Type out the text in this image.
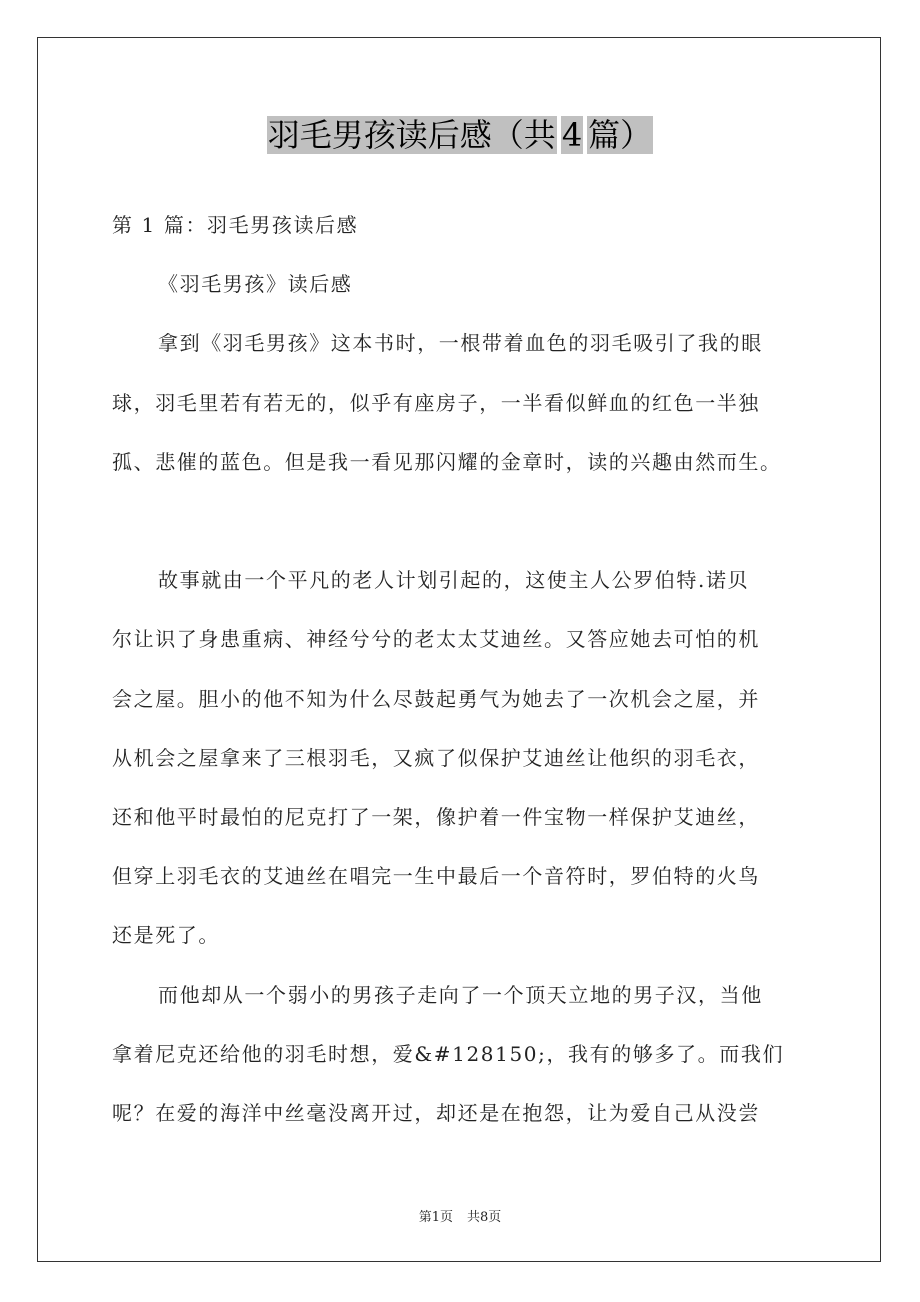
羽毛男孩读后感（共 4 篇）

第 1 篇：羽毛男孩读后感

《羽毛男孩》读后感

拿到《羽毛男孩》这本书时，一根带着血色的羽毛吸引了我的眼

球，羽毛里若有若无的，似乎有座房子，一半看似鲜血的红色一半独

孤、悲催的蓝色。但是我一看见那闪耀的金章时，读的兴趣由然而生。

故事就由一个平凡的老人计划引起的，这使主人公罗伯特.诺贝

尔让识了身患重病、神经兮兮的老太太艾迪丝。又答应她去可怕的机

会之屋。胆小的他不知为什么尽鼓起勇气为她去了一次机会之屋，并

从机会之屋拿来了三根羽毛，又疯了似保护艾迪丝让他织的羽毛衣，

还和他平时最怕的尼克打了一架，像护着一件宝物一样保护艾迪丝，

但穿上羽毛衣的艾迪丝在唱完一生中最后一个音符时，罗伯特的火鸟

还是死了。

而他却从一个弱小的男孩子走向了一个顶天立地的男子汉，当他

拿着尼克还给他的羽毛时想，爱&#128150;，我有的够多了。而我们

呢？在爱的海洋中丝毫没离开过，却还是在抱怨，让为爱自己从没尝

第1页 共8页
